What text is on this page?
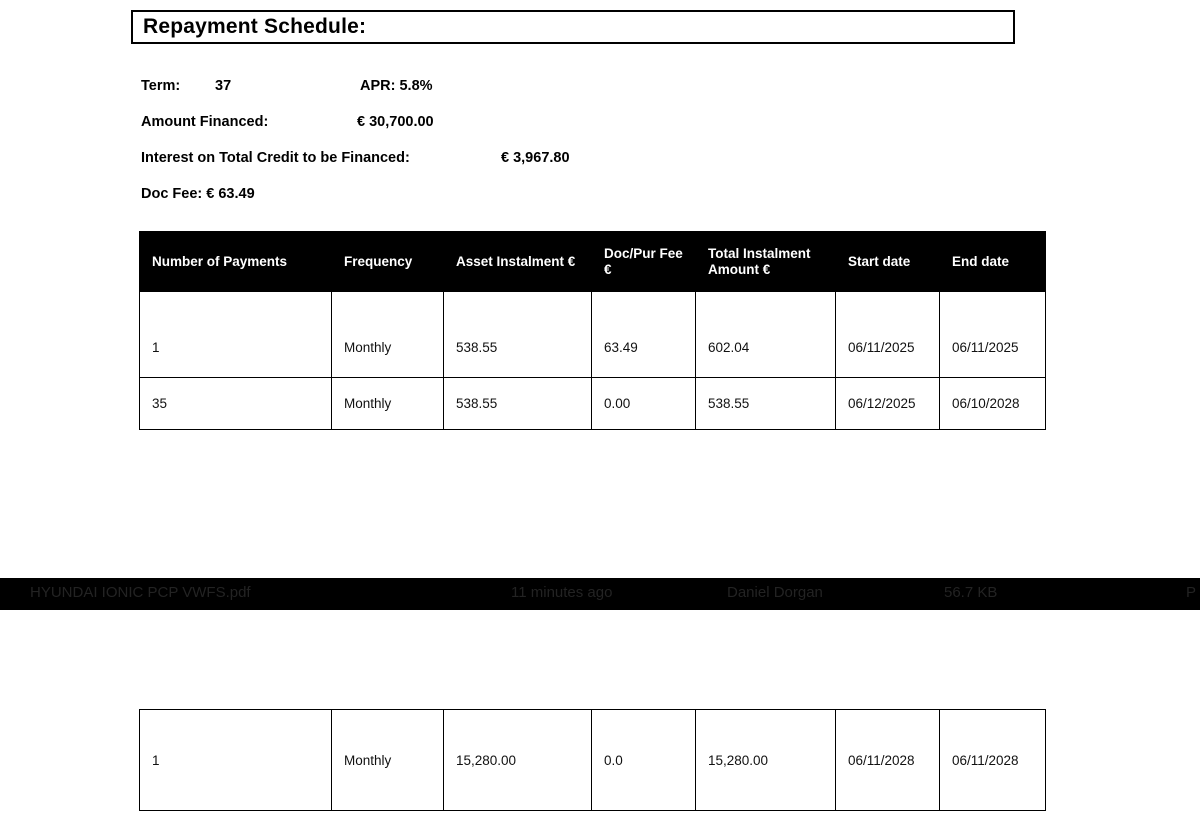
Repayment Schedule:
Term: 37	APR: 5.8%
Amount Financed:	€ 30,700.00
Interest on Total Credit to be Financed:	€ 3,967.80
Doc Fee: € 63.49
Number of Payments	Frequency	Asset Instalment €	Doc/Pur Fee €	Total Instalment Amount €	Start date	End date
1	Monthly	538.55	63.49	602.04	06/11/2025	06/11/2025
35	Monthly	538.55	0.00	538.55	06/12/2025	06/10/2028
HYUNDAI IONIC PCP VWFS.pdf	11 minutes ago	Daniel Dorgan	56.7 KB	P
1	Monthly	15,280.00	0.0	15,280.00	06/11/2028	06/11/2028
